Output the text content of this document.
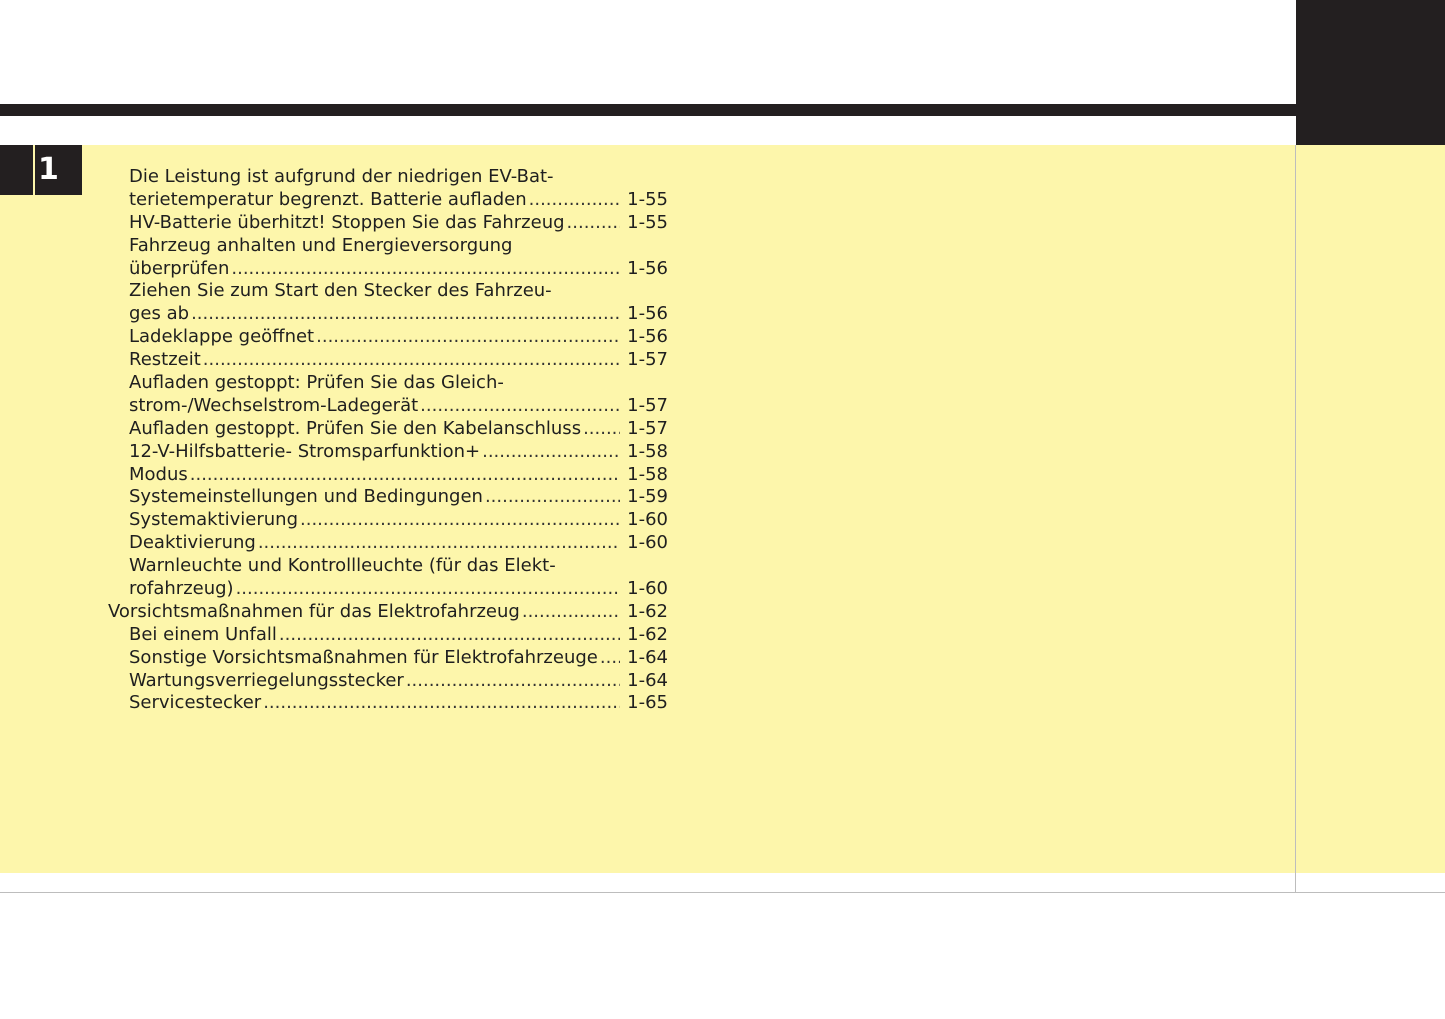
1	Die Leistung ist aufgrund der niedrigen EV-Bat-
terietemperatur begrenzt. Batterie aufladen .....	1-55
HV-Batterie überhitzt! Stoppen Sie das Fahrzeug .....	1-55
Fahrzeug anhalten und Energieversorgung
überprüfen .....	1-56
Ziehen Sie zum Start den Stecker des Fahrzeu-
ges ab .....	1-56
Ladeklappe geöffnet .....	1-56
Restzeit .....	1-57
Aufladen gestoppt: Prüfen Sie das Gleich-
strom-/Wechselstrom-Ladegerät .....	1-57
Aufladen gestoppt. Prüfen Sie den Kabelanschluss .....	1-57
12-V-Hilfsbatterie- Stromsparfunktion+ .....	1-58
Modus .....	1-58
Systemeinstellungen und Bedingungen .....	1-59
Systemaktivierung .....	1-60
Deaktivierung .....	1-60
Warnleuchte und Kontrollleuchte (für das Elekt-
rofahrzeug) .....	1-60
Vorsichtsmaßnahmen für das Elektrofahrzeug .....	1-62
Bei einem Unfall .....	1-62
Sonstige Vorsichtsmaßnahmen für Elektrofahrzeuge ..... 1-64
Wartungsverriegelungsstecker .....	1-64
Servicestecker .....	1-65
